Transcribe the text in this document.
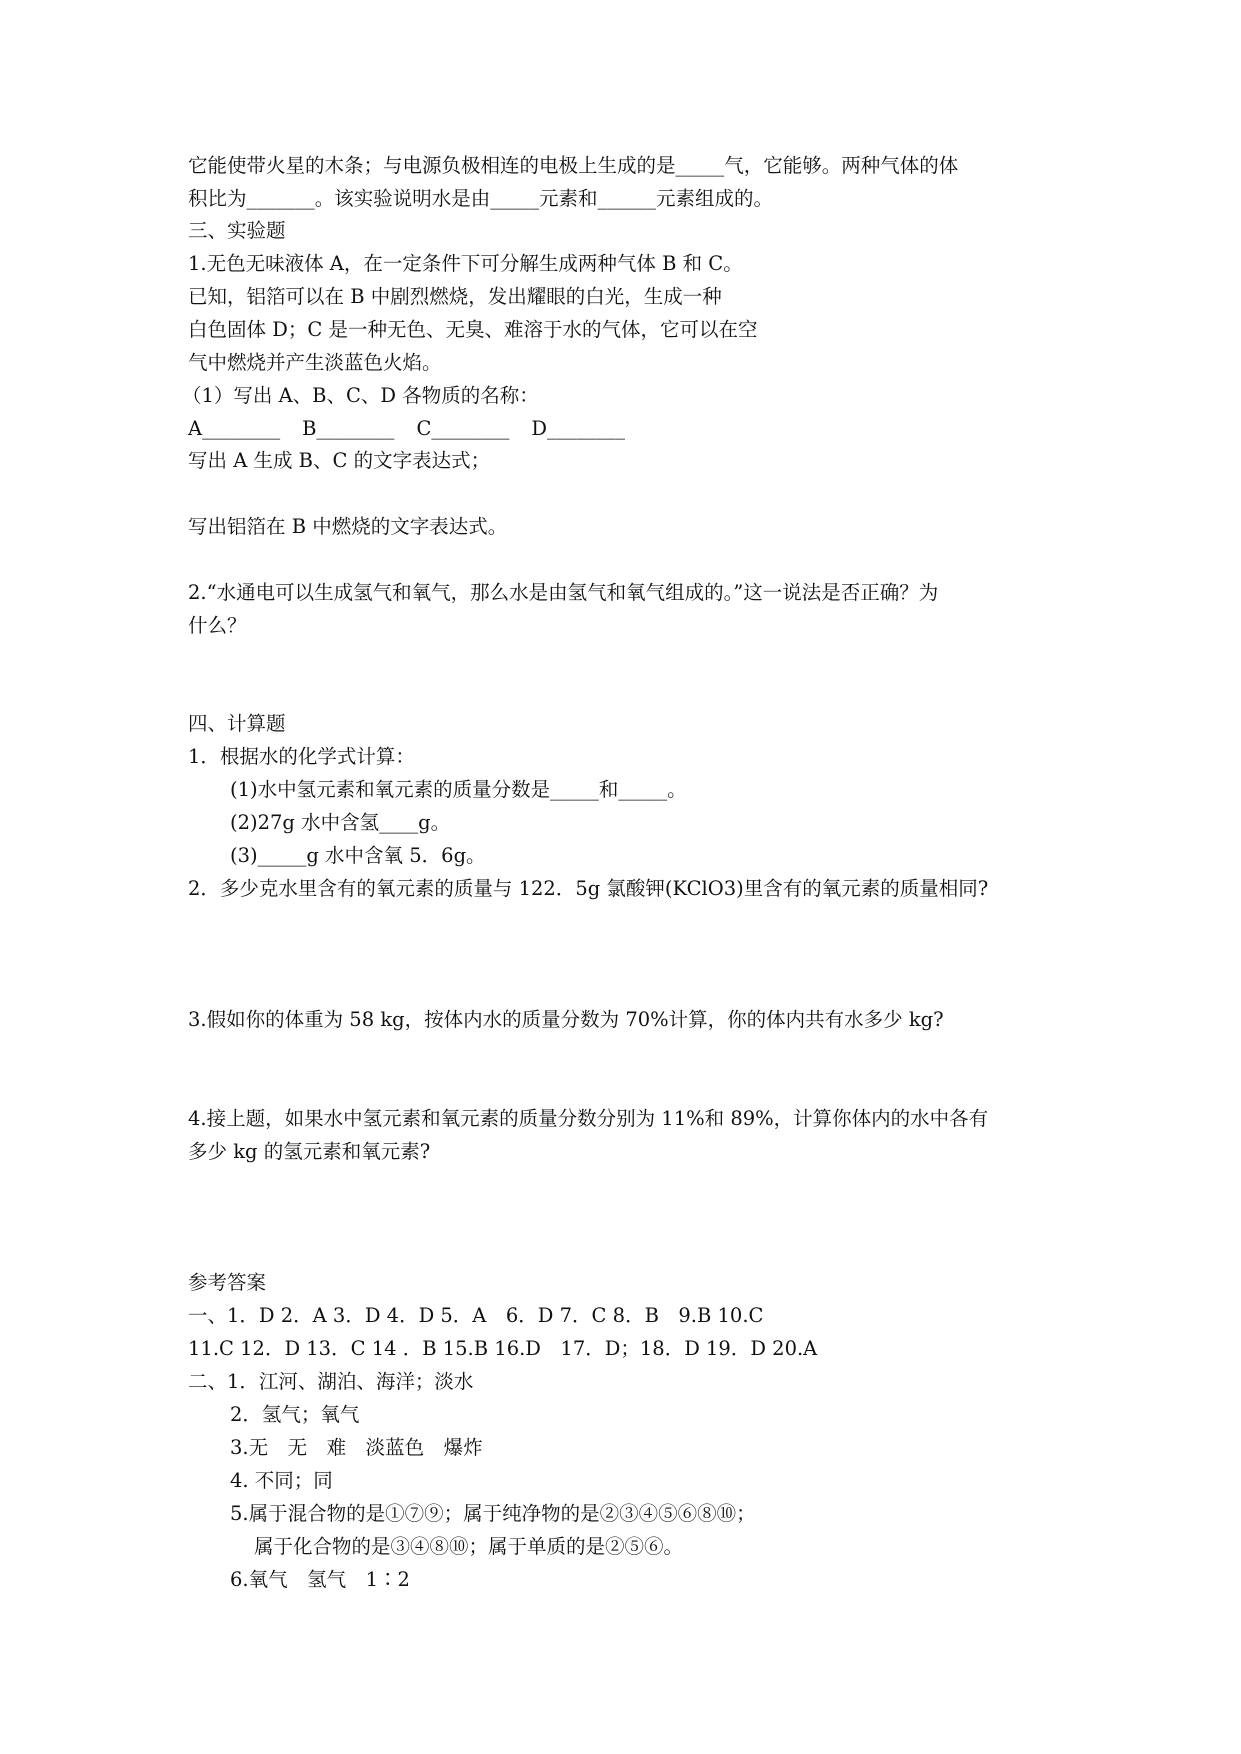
它能使带火星的木条；与电源负极相连的电极上生成的是_____气，它能够。两种气体的体
积比为_______。该实验说明水是由_____元素和______元素组成的。
三、实验题
1.无色无味液体 A，在一定条件下可分解生成两种气体 B 和 C。
已知，铝箔可以在 B 中剧烈燃烧，发出耀眼的白光，生成一种
白色固体 D；C 是一种无色、无臭、难溶于水的气体，它可以在空
气中燃烧并产生淡蓝色火焰。
（1）写出 A、B、C、D 各物质的名称：
A________ B________ C________ D________
写出 A 生成 B、C 的文字表达式；
写出铝箔在 B 中燃烧的文字表达式。
2.“水通电可以生成氢气和氧气，那么水是由氢气和氧气组成的。”这一说法是否正确？为
什么？
四、计算题
1．根据水的化学式计算：
(1)水中氢元素和氧元素的质量分数是_____和_____。
(2)27g 水中含氢____g。
(3)_____g 水中含氧 5．6g。
2．多少克水里含有的氧元素的质量与 122．5g 氯酸钾(KClO3)里含有的氧元素的质量相同?
3.假如你的体重为 58 kg，按体内水的质量分数为 70%计算，你的体内共有水多少 kg?
4.接上题，如果水中氢元素和氧元素的质量分数分别为 11%和 89%，计算你体内的水中各有
多少 kg 的氢元素和氧元素?
参考答案
一、1．D 2．A 3．D 4．D 5．A　6．D 7．C 8．B　9.B 10.C
11.C 12．D 13．C 14 ．B 15.B 16.D　17．D；18．D 19．D 20.A
二、1．江河、湖泊、海洋；淡水
2．氢气；氧气
3.无　无　难　淡蓝色　爆炸
4. 不同；同
5.属于混合物的是①⑦⑨；属于纯净物的是②③④⑤⑥⑧⑩；
属于化合物的是③④⑧⑩；属于单质的是②⑤⑥。
6.氧气　氢气　1∶2
